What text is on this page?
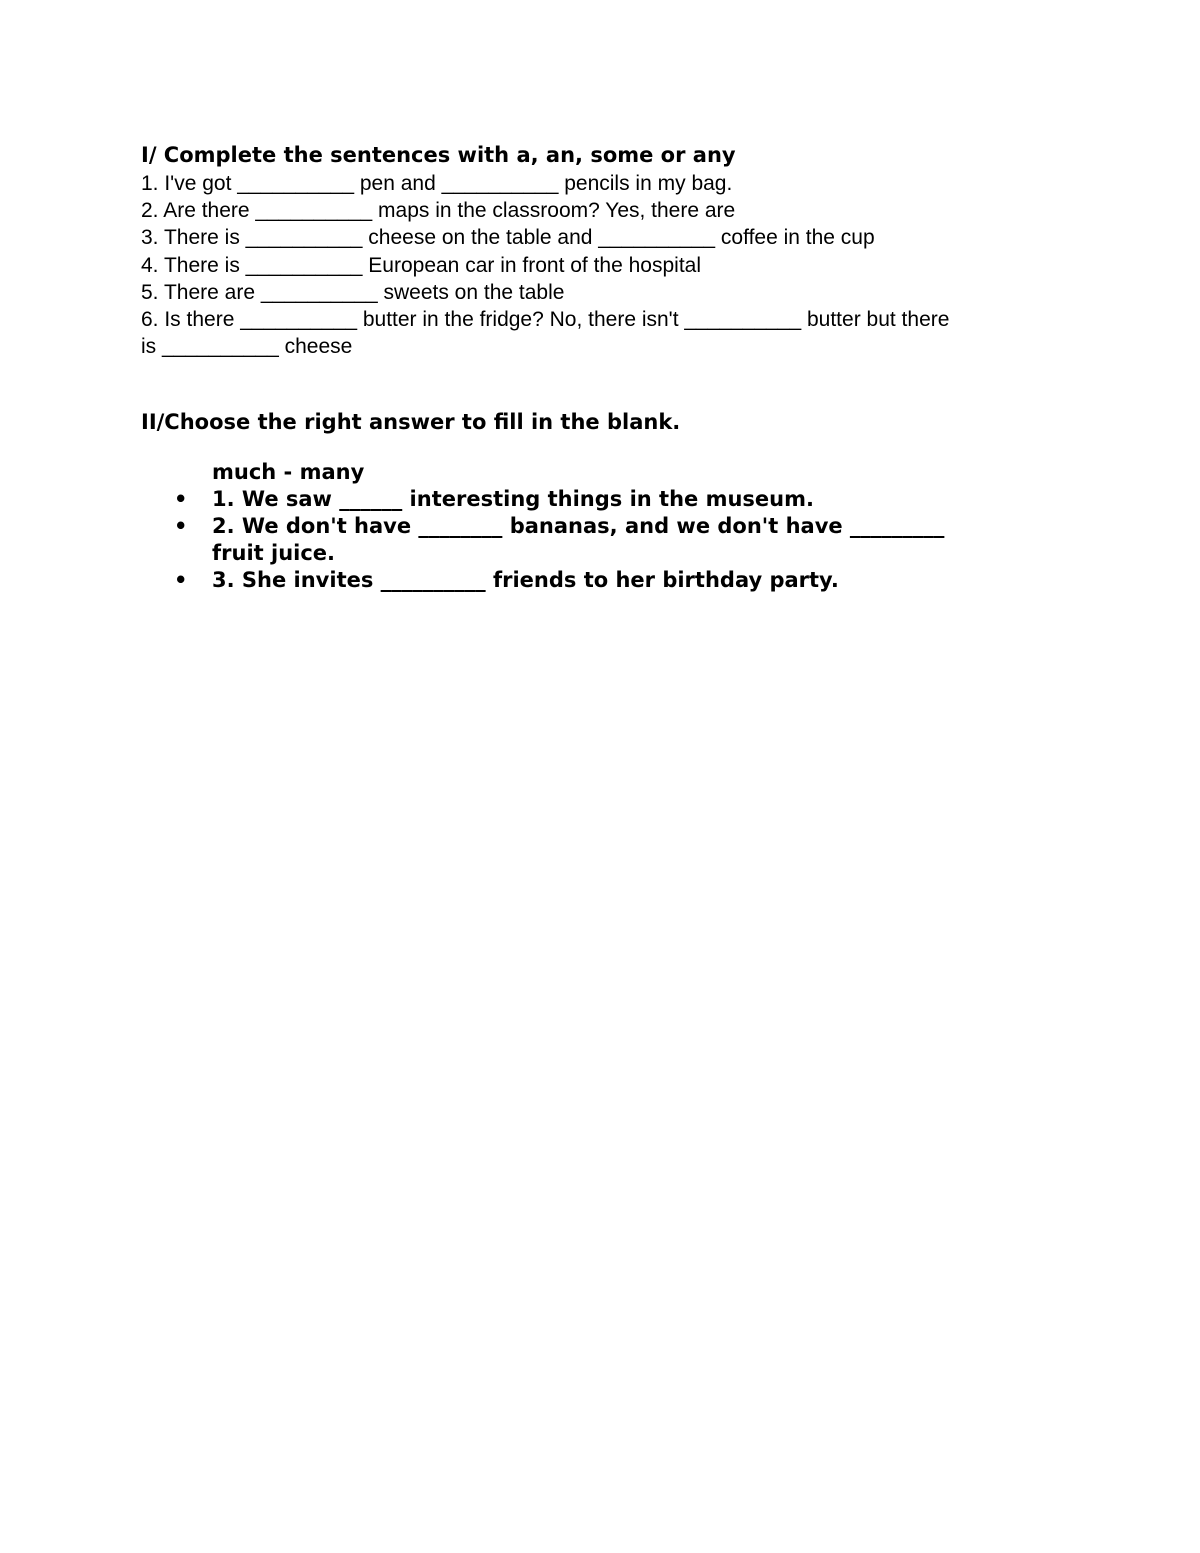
I/ Complete the sentences with a, an, some or any

1. I've got __________ pen and __________ pencils in my bag.
2. Are there __________ maps in the classroom? Yes, there are
3. There is __________ cheese on the table and __________ coffee in the cup
4. There is __________ European car in front of the hospital
5. There are __________ sweets on the table
6. Is there __________ butter in the fridge? No, there isn't __________ butter but there
is __________ cheese

II/Choose the right answer to fill in the blank.

much - many

• 1. We saw ______ interesting things in the museum.
• 2. We don't have ________ bananas, and we don't have _________ fruit juice.
• 3. She invites __________ friends to her birthday party.
